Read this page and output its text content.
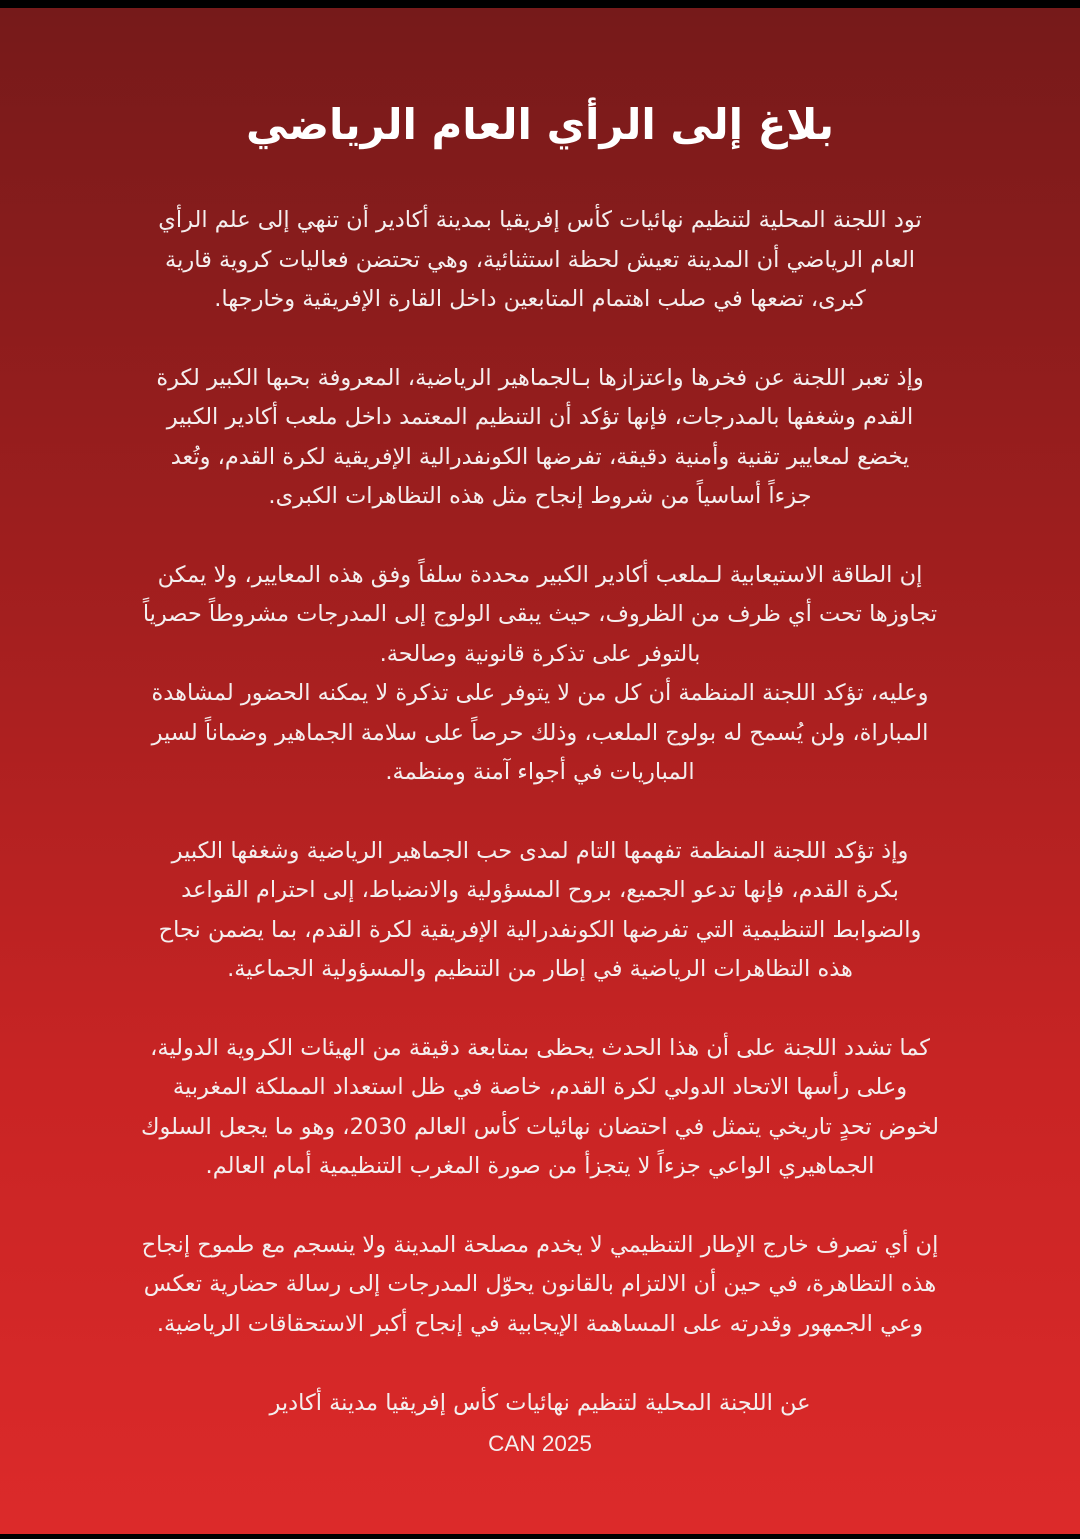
بلاغ إلى الرأي العام الرياضي
تود اللجنة المحلية لتنظيم نهائيات كأس إفريقيا بمدينة أكادير أن تنهي إلى علم الرأي
العام الرياضي أن المدينة تعيش لحظة استثنائية، وهي تحتضن فعاليات كروية قارية
كبرى، تضعها في صلب اهتمام المتابعين داخل القارة الإفريقية وخارجها.
وإذ تعبر اللجنة عن فخرها واعتزازها بـالجماهير الرياضية، المعروفة بحبها الكبير لكرة
القدم وشغفها بالمدرجات، فإنها تؤكد أن التنظيم المعتمد داخل ملعب أكادير الكبير
يخضع لمعايير تقنية وأمنية دقيقة، تفرضها الكونفدرالية الإفريقية لكرة القدم، وتُعد
جزءاً أساسياً من شروط إنجاح مثل هذه التظاهرات الكبرى.
إن الطاقة الاستيعابية لـملعب أكادير الكبير محددة سلفاً وفق هذه المعايير، ولا يمكن
تجاوزها تحت أي ظرف من الظروف، حيث يبقى الولوج إلى المدرجات مشروطاً حصرياً
بالتوفر على تذكرة قانونية وصالحة.
وعليه، تؤكد اللجنة المنظمة أن كل من لا يتوفر على تذكرة لا يمكنه الحضور لمشاهدة
المباراة، ولن يُسمح له بولوج الملعب، وذلك حرصاً على سلامة الجماهير وضماناً لسير
المباريات في أجواء آمنة ومنظمة.
وإذ تؤكد اللجنة المنظمة تفهمها التام لمدى حب الجماهير الرياضية وشغفها الكبير
بكرة القدم، فإنها تدعو الجميع، بروح المسؤولية والانضباط، إلى احترام القواعد
والضوابط التنظيمية التي تفرضها الكونفدرالية الإفريقية لكرة القدم، بما يضمن نجاح
هذه التظاهرات الرياضية في إطار من التنظيم والمسؤولية الجماعية.
كما تشدد اللجنة على أن هذا الحدث يحظى بمتابعة دقيقة من الهيئات الكروية الدولية،
وعلى رأسها الاتحاد الدولي لكرة القدم، خاصة في ظل استعداد المملكة المغربية
لخوض تحدٍ تاريخي يتمثل في احتضان نهائيات كأس العالم 2030، وهو ما يجعل السلوك
الجماهيري الواعي جزءاً لا يتجزأ من صورة المغرب التنظيمية أمام العالم.
إن أي تصرف خارج الإطار التنظيمي لا يخدم مصلحة المدينة ولا ينسجم مع طموح إنجاح
هذه التظاهرة، في حين أن الالتزام بالقانون يحوّل المدرجات إلى رسالة حضارية تعكس
وعي الجمهور وقدرته على المساهمة الإيجابية في إنجاح أكبر الاستحقاقات الرياضية.
عن اللجنة المحلية لتنظيم نهائيات كأس إفريقيا مدينة أكادير
CAN 2025
